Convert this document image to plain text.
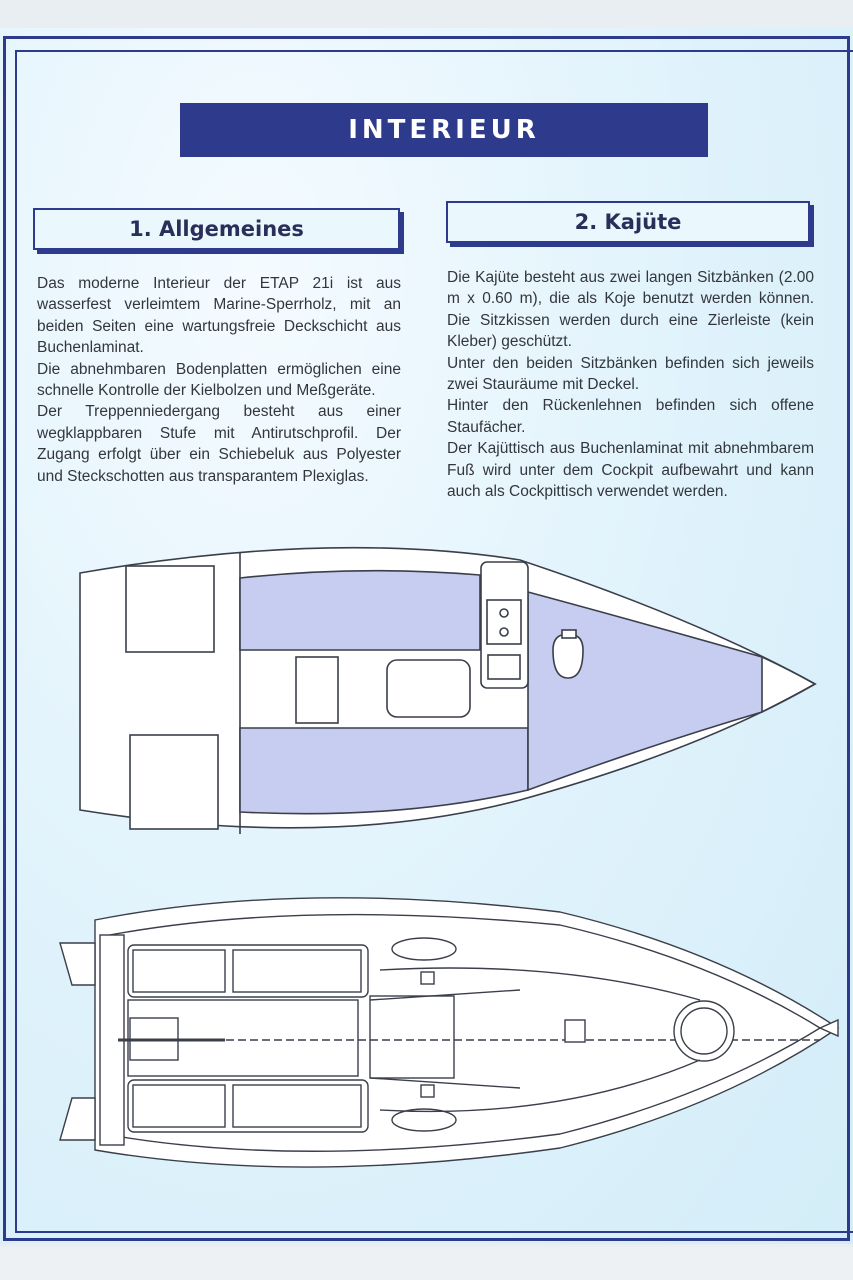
INTERIEUR
1. Allgemeines	2. Kajüte

Das moderne Interieur der ETAP 21i ist aus wasserfest verleimtem Marine-Sperrholz, mit an beiden Seiten eine wartungsfreie Deckschicht aus Buchenlaminat.

Die abnehmbaren Bodenplatten ermöglichen eine schnelle Kontrolle der Kielbolzen und Meßgeräte.

Der Treppenniedergang besteht aus einer wegklappbaren Stufe mit Antirutschprofil. Der Zugang erfolgt über ein Schiebeluk aus Polyester und Steckschotten aus transparantem Plexiglas.

Die Kajüte besteht aus zwei langen Sitzbänken (2.00 m x 0.60 m), die als Koje benutzt werden können. Die Sitzkissen werden durch eine Zierleiste (kein Kleber) geschützt.

Unter den beiden Sitzbänken befinden sich jeweils zwei Stauräume mit Deckel.

Hinter den Rückenlehnen befinden sich offene Staufächer.

Der Kajüttisch aus Buchenlaminat mit abnehmbarem Fuß wird unter dem Cockpit aufbewahrt und kann auch als Cockpittisch verwendet werden.
